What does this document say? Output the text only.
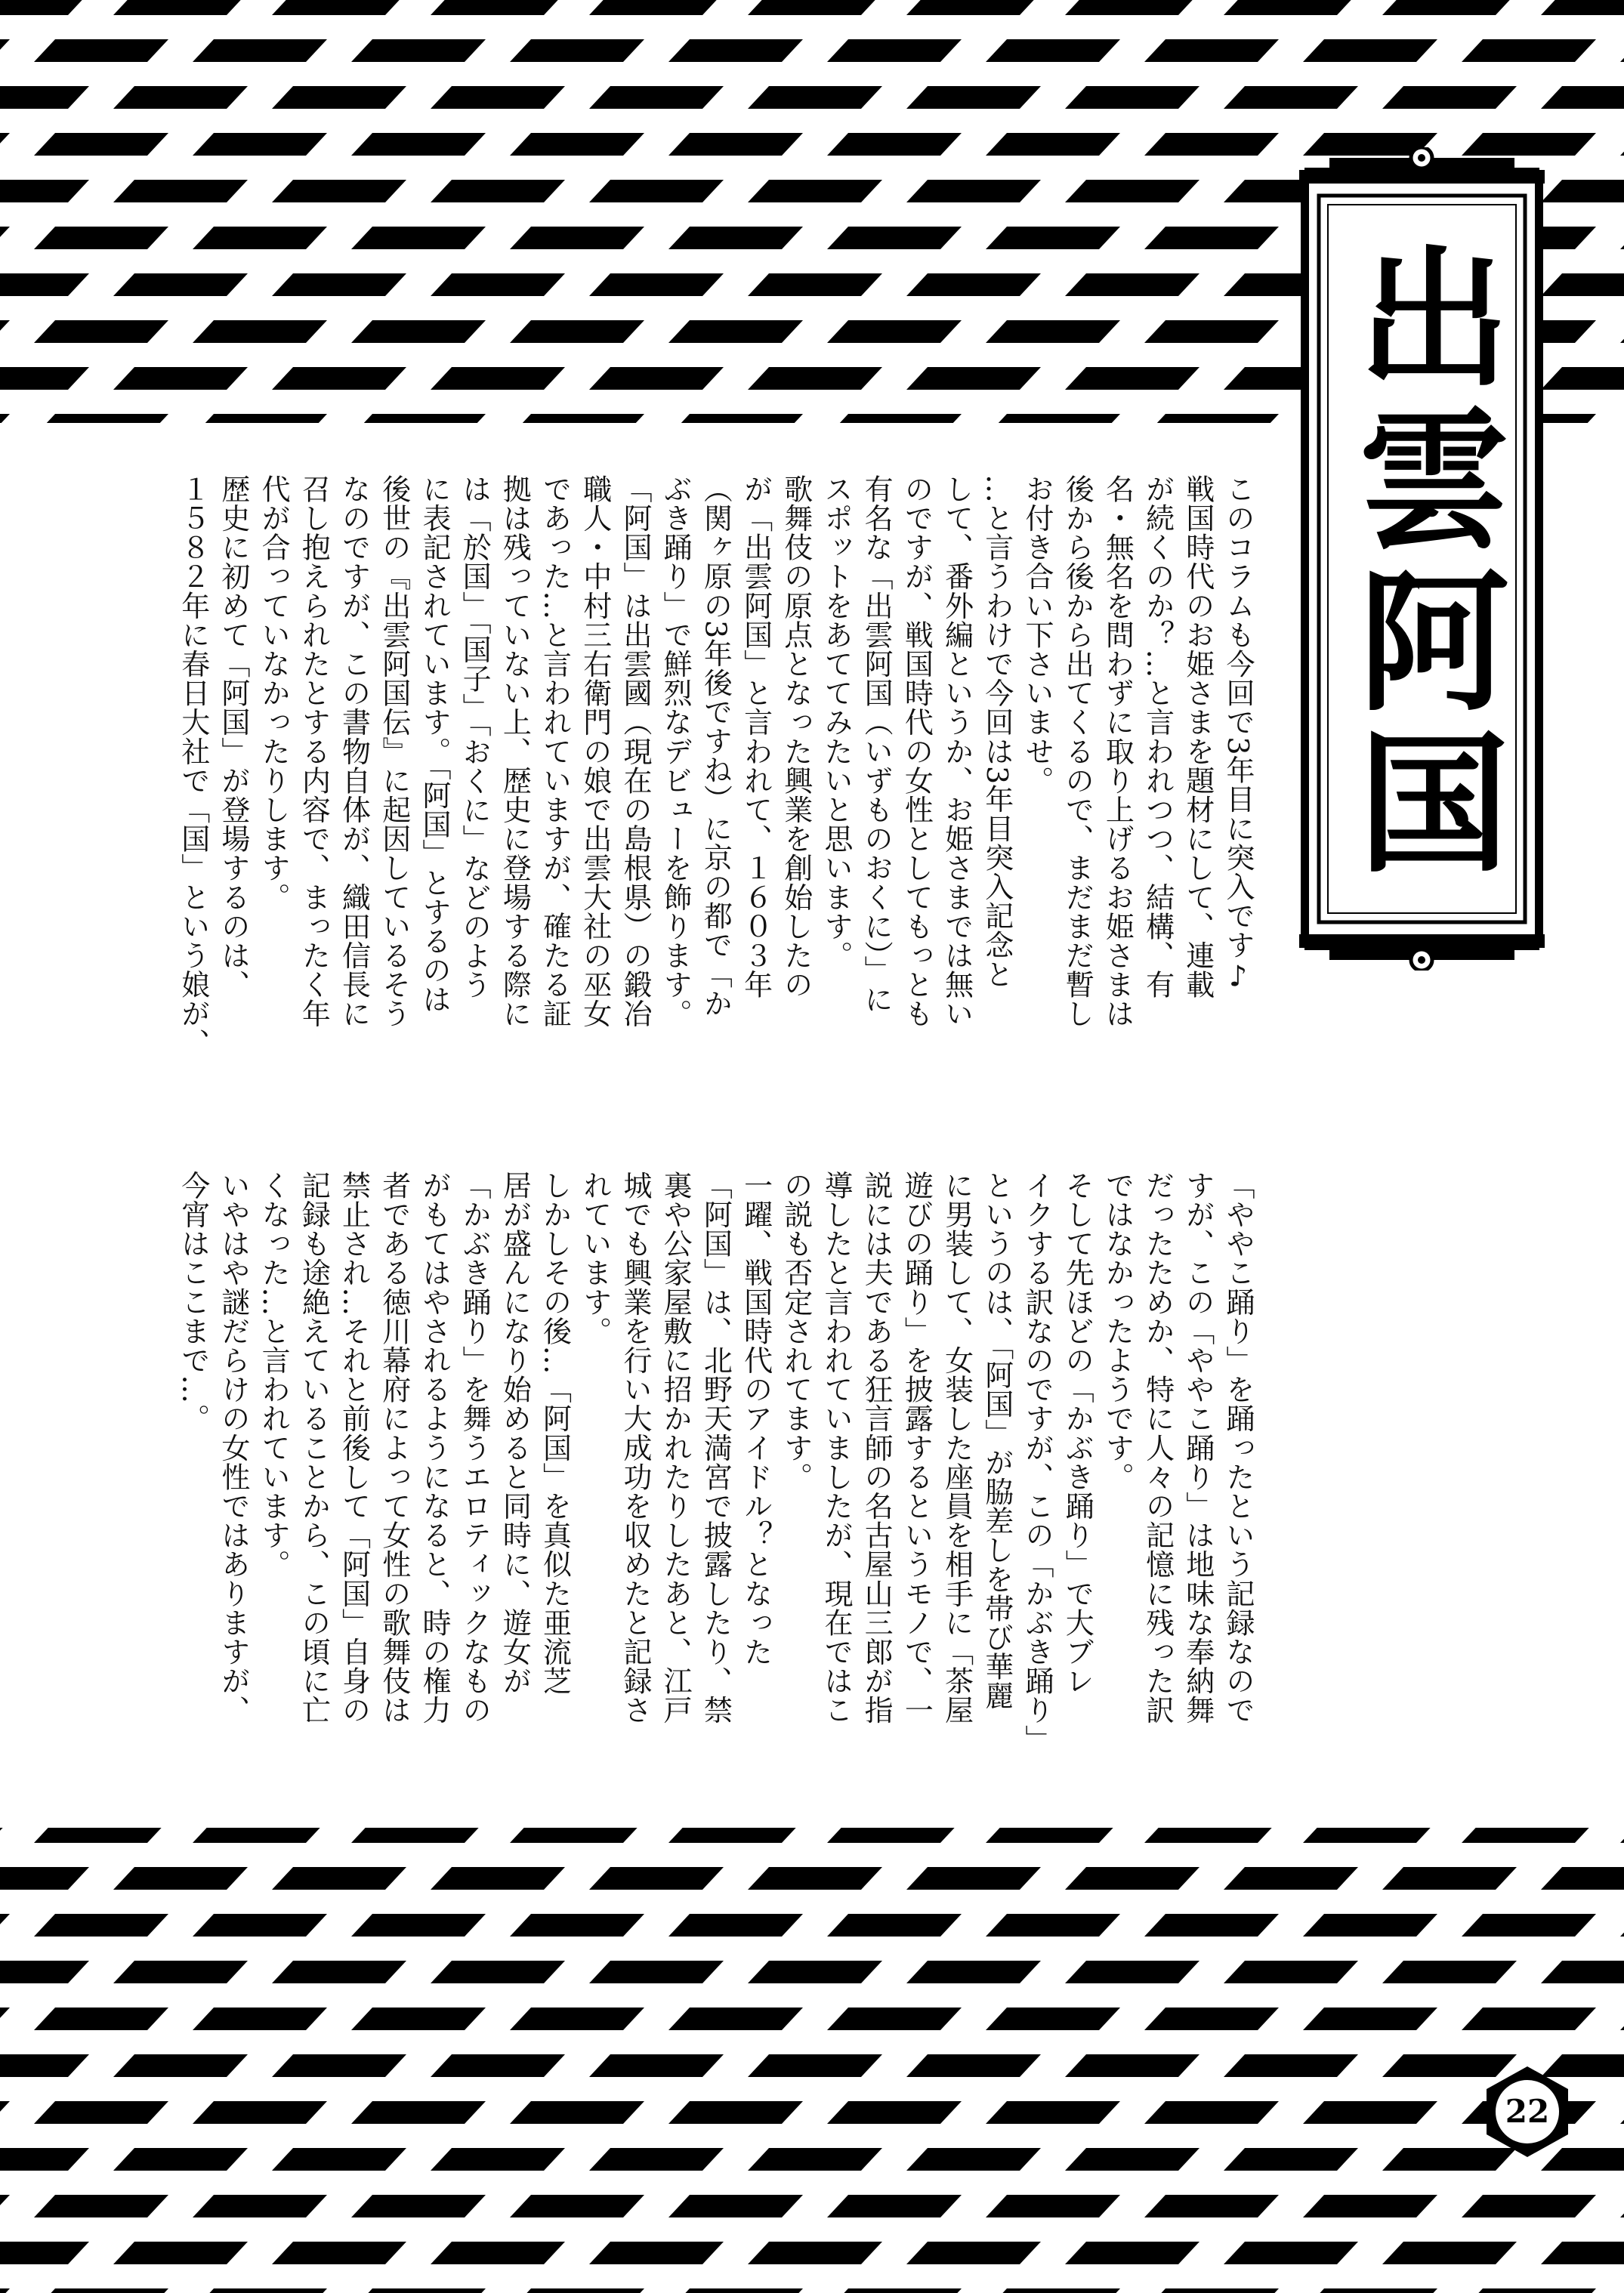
出雲阿国

このコラムも今回で3年目に突入です♪

戦国時代のお姫さまを題材にして、連載

が続くのか？…と言われつつ、結構、有

名・無名を問わずに取り上げるお姫さまは

後から後から出てくるので、まだまだ暫し

お付き合い下さいませ。

…と言うわけで今回は3年目突入記念と

して、番外編というか、お姫さまでは無い

のですが、戦国時代の女性としてもっとも

有名な「出雲阿国（いずものおくに）」に

スポットをあててみたいと思います。

歌舞伎の原点となった興業を創始したの

が「出雲阿国」と言われて、１６０３年

（関ヶ原の3年後ですね）に京の都で「か

ぶき踊り」で鮮烈なデビューを飾ります。

「阿国」は出雲國（現在の島根県）の鍛冶

職人・中村三右衛門の娘で出雲大社の巫女

であった…と言われていますが、確たる証

拠は残っていない上、歴史に登場する際に

は「於国」「国子」「おくに」などのよう

に表記されています。「阿国」とするのは

後世の『出雲阿国伝』に起因しているそう

なのですが、この書物自体が、織田信長に

召し抱えられたとする内容で、まったく年

代が合っていなかったりします。

歴史に初めて「阿国」が登場するのは、

１５８２年に春日大社で「国」という娘が、

「ややこ踊り」を踊ったという記録なので

すが、この「ややこ踊り」は地味な奉納舞

だったためか、特に人々の記憶に残った訳

ではなかったようです。

そして先ほどの「かぶき踊り」で大ブレ

イクする訳なのですが、この「かぶき踊り」

というのは、「阿国」が脇差しを帯び華麗

に男装して、女装した座員を相手に「茶屋

遊びの踊り」を披露するというモノで、一

説には夫である狂言師の名古屋山三郎が指

導したと言われていましたが、現在ではこ

の説も否定されてます。

一躍、戦国時代のアイドル？となった

「阿国」は、北野天満宮で披露したり、禁

裏や公家屋敷に招かれたりしたあと、江戸

城でも興業を行い大成功を収めたと記録さ

れています。

しかしその後…「阿国」を真似た亜流芝

居が盛んになり始めると同時に、遊女が

「かぶき踊り」を舞うエロティックなもの

がもてはやされるようになると、時の権力

者である徳川幕府によって女性の歌舞伎は

禁止され…それと前後して「阿国」自身の

記録も途絶えていることから、この頃に亡

くなった…と言われています。

いやはや謎だらけの女性ではありますが、

今宵はここまで…。

22
